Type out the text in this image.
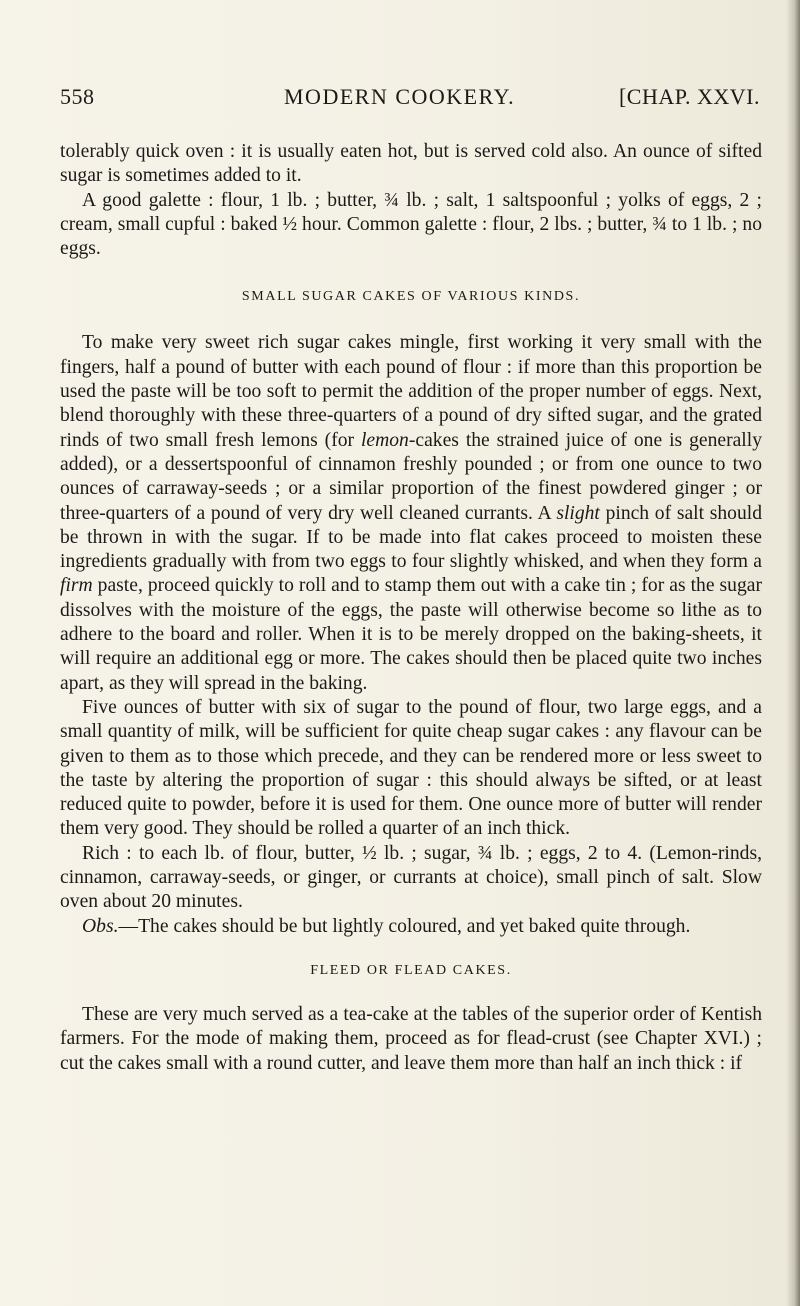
558	MODERN COOKERY.	[CHAP. XXVI.

tolerably quick oven : it is usually eaten hot, but is served cold also. An ounce of sifted sugar is sometimes added to it.

A good galette : flour, 1 lb. ; butter, ¾ lb. ; salt, 1 saltspoonful ; yolks of eggs, 2 ; cream, small cupful : baked ½ hour. Common galette : flour, 2 lbs. ; butter, ¾ to 1 lb. ; no eggs.

SMALL SUGAR CAKES OF VARIOUS KINDS.

To make very sweet rich sugar cakes mingle, first working it very small with the fingers, half a pound of butter with each pound of flour : if more than this proportion be used the paste will be too soft to permit the addition of the proper number of eggs. Next, blend thoroughly with these three-quarters of a pound of dry sifted sugar, and the grated rinds of two small fresh lemons (for lemon-cakes the strained juice of one is generally added), or a dessertspoonful of cinnamon freshly pounded ; or from one ounce to two ounces of carraway-seeds ; or a similar proportion of the finest powdered ginger ; or three-quarters of a pound of very dry well cleaned currants. A slight pinch of salt should be thrown in with the sugar. If to be made into flat cakes proceed to moisten these ingredients gradually with from two eggs to four slightly whisked, and when they form a firm paste, proceed quickly to roll and to stamp them out with a cake tin ; for as the sugar dissolves with the moisture of the eggs, the paste will otherwise become so lithe as to adhere to the board and roller. When it is to be merely dropped on the baking-sheets, it will require an additional egg or more. The cakes should then be placed quite two inches apart, as they will spread in the baking.

Five ounces of butter with six of sugar to the pound of flour, two large eggs, and a small quantity of milk, will be sufficient for quite cheap sugar cakes : any flavour can be given to them as to those which precede, and they can be rendered more or less sweet to the taste by altering the proportion of sugar : this should always be sifted, or at least reduced quite to powder, before it is used for them. One ounce more of butter will render them very good. They should be rolled a quarter of an inch thick.

Rich : to each lb. of flour, butter, ½ lb. ; sugar, ¾ lb. ; eggs, 2 to 4. (Lemon-rinds, cinnamon, carraway-seeds, or ginger, or currants at choice), small pinch of salt. Slow oven about 20 minutes.

Obs.—The cakes should be but lightly coloured, and yet baked quite through.

FLEED OR FLEAD CAKES.

These are very much served as a tea-cake at the tables of the superior order of Kentish farmers. For the mode of making them, proceed as for flead-crust (see Chapter XVI.) ; cut the cakes small with a round cutter, and leave them more than half an inch thick : if
